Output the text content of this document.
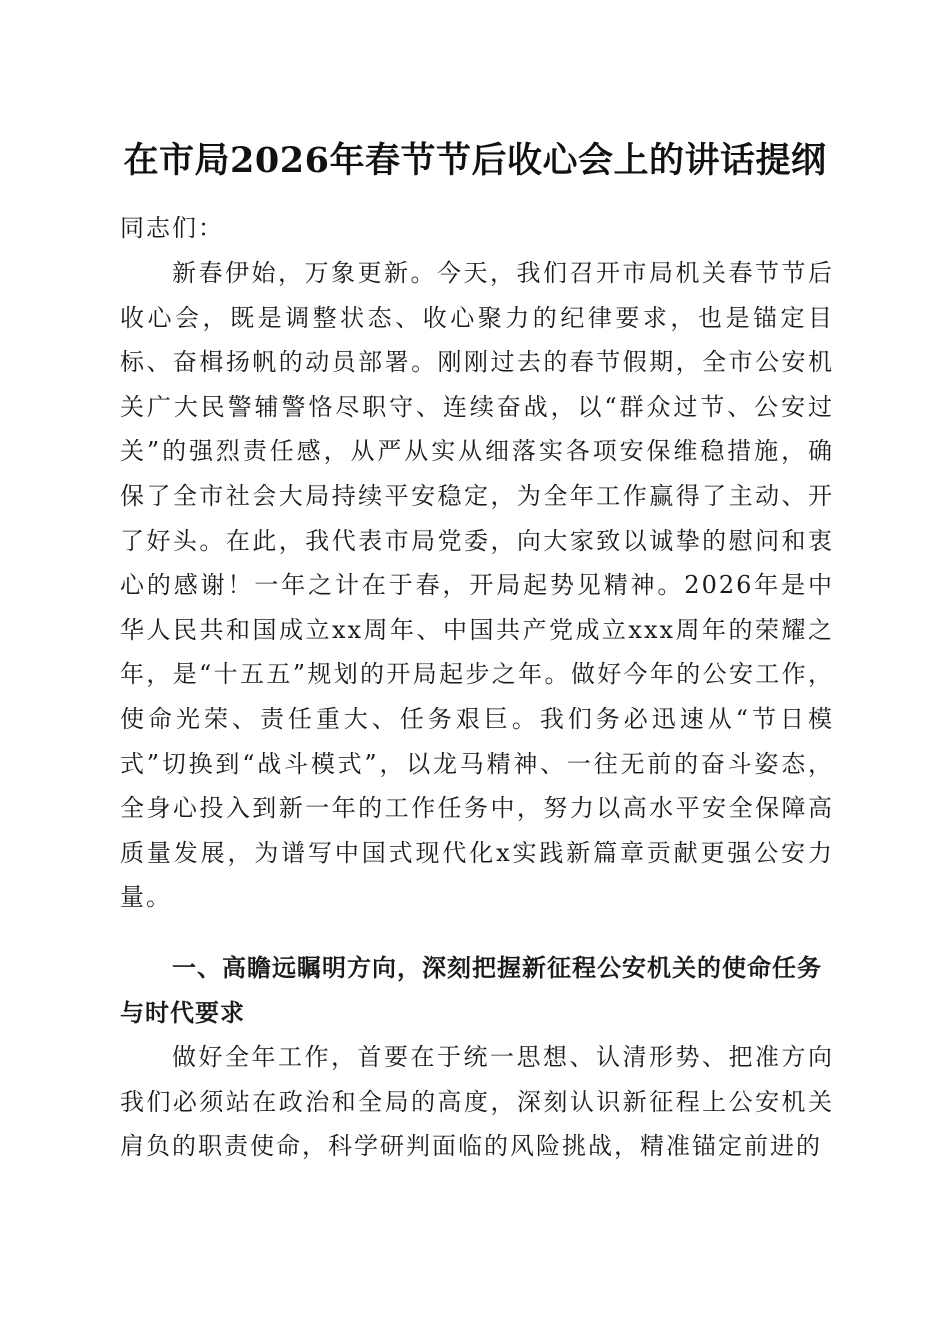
在市局2026年春节节后收心会上的讲话提纲

同志们：

新春伊始，万象更新。今天，我们召开市局机关春节节后收心会，既是调整状态、收心聚力的纪律要求，也是锚定目标、奋楫扬帆的动员部署。刚刚过去的春节假期，全市公安机关广大民警辅警恪尽职守、连续奋战，以“群众过节、公安过关”的强烈责任感，从严从实从细落实各项安保维稳措施，确保了全市社会大局持续平安稳定，为全年工作赢得了主动、开了好头。在此，我代表市局党委，向大家致以诚挚的慰问和衷心的感谢！一年之计在于春，开局起势见精神。2026年是中华人民共和国成立xx周年、中国共产党成立xxx周年的荣耀之年，是“十五五”规划的开局起步之年。做好今年的公安工作，使命光荣、责任重大、任务艰巨。我们务必迅速从“节日模式”切换到“战斗模式”，以龙马精神、一往无前的奋斗姿态，全身心投入到新一年的工作任务中，努力以高水平安全保障高质量发展，为谱写中国式现代化x实践新篇章贡献更强公安力量。

一、高瞻远瞩明方向，深刻把握新征程公安机关的使命任务与时代要求

做好全年工作，首要在于统一思想、认清形势、把准方向我们必须站在政治和全局的高度，深刻认识新征程上公安机关肩负的职责使命，科学研判面临的风险挑战，精准锚定前进的
